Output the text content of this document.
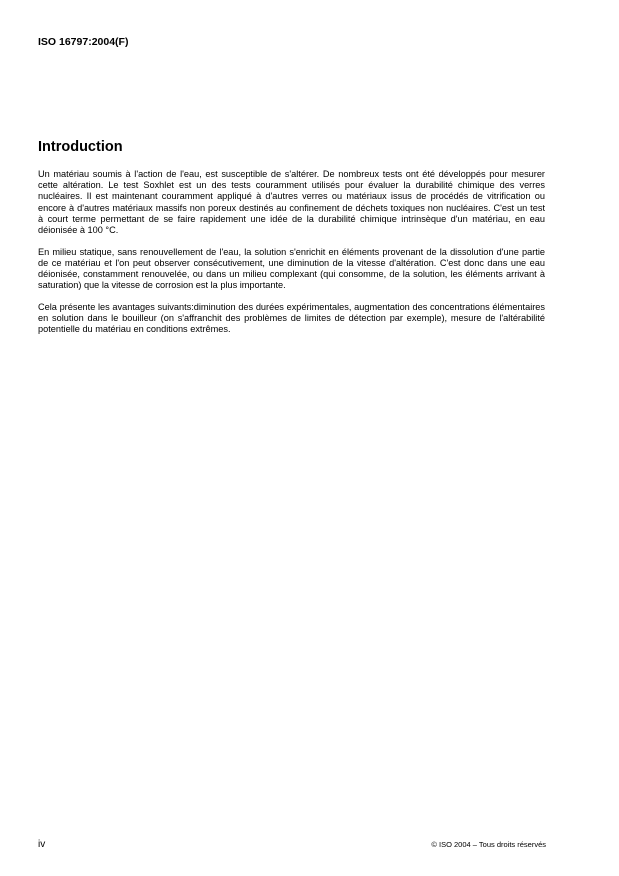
ISO 16797:2004(F)
Introduction

Un matériau soumis à l'action de l'eau, est susceptible de s'altérer. De nombreux tests ont été développés pour mesurer cette altération. Le test Soxhlet est un des tests couramment utilisés pour évaluer la durabilité chimique des verres nucléaires. Il est maintenant couramment appliqué à d'autres verres ou matériaux issus de procédés de vitrification ou encore à d'autres matériaux massifs non poreux destinés au confinement de déchets toxiques non nucléaires. C'est un test à court terme permettant de se faire rapidement une idée de la durabilité chimique intrinsèque d'un matériau, en eau déionisée à 100 °C.

En milieu statique, sans renouvellement de l'eau, la solution s'enrichit en éléments provenant de la dissolution d'une partie de ce matériau et l'on peut observer consécutivement, une diminution de la vitesse d'altération. C'est donc dans une eau déionisée, constamment renouvelée, ou dans un milieu complexant (qui consomme, de la solution, les éléments arrivant à saturation) que la vitesse de corrosion est la plus importante.

Cela présente les avantages suivants:diminution des durées expérimentales, augmentation des concentrations élémentaires en solution dans le bouilleur (on s'affranchit des problèmes de limites de détection par exemple), mesure de l'altérabilité potentielle du matériau en conditions extrêmes.

iv	© ISO 2004 – Tous droits réservés
